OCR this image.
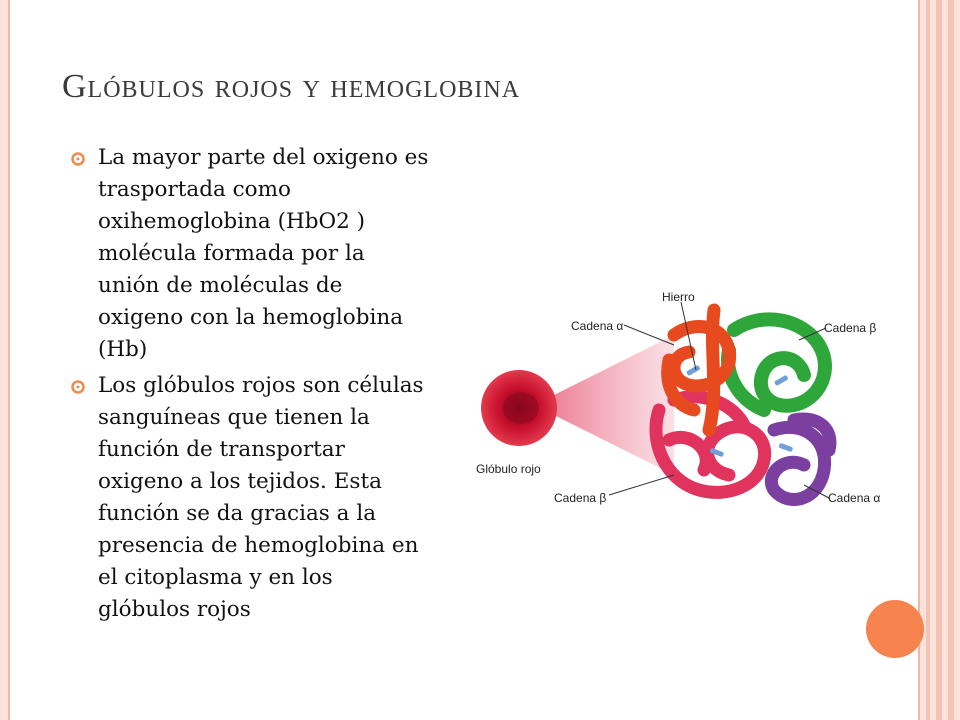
Glóbulos rojos y hemoglobina
La mayor parte del oxigeno es trasportada como oxihemoglobina (HbO2 ) molécula formada por la unión de moléculas de oxigeno con la hemoglobina (Hb)
Los glóbulos rojos son células sanguíneas que tienen la función de transportar oxigeno a los tejidos. Esta función se da gracias a la presencia de hemoglobina en el citoplasma y en los glóbulos rojos
Hierro
Cadena α	Cadena β
Glóbulo rojo
Cadena β	Cadena α
